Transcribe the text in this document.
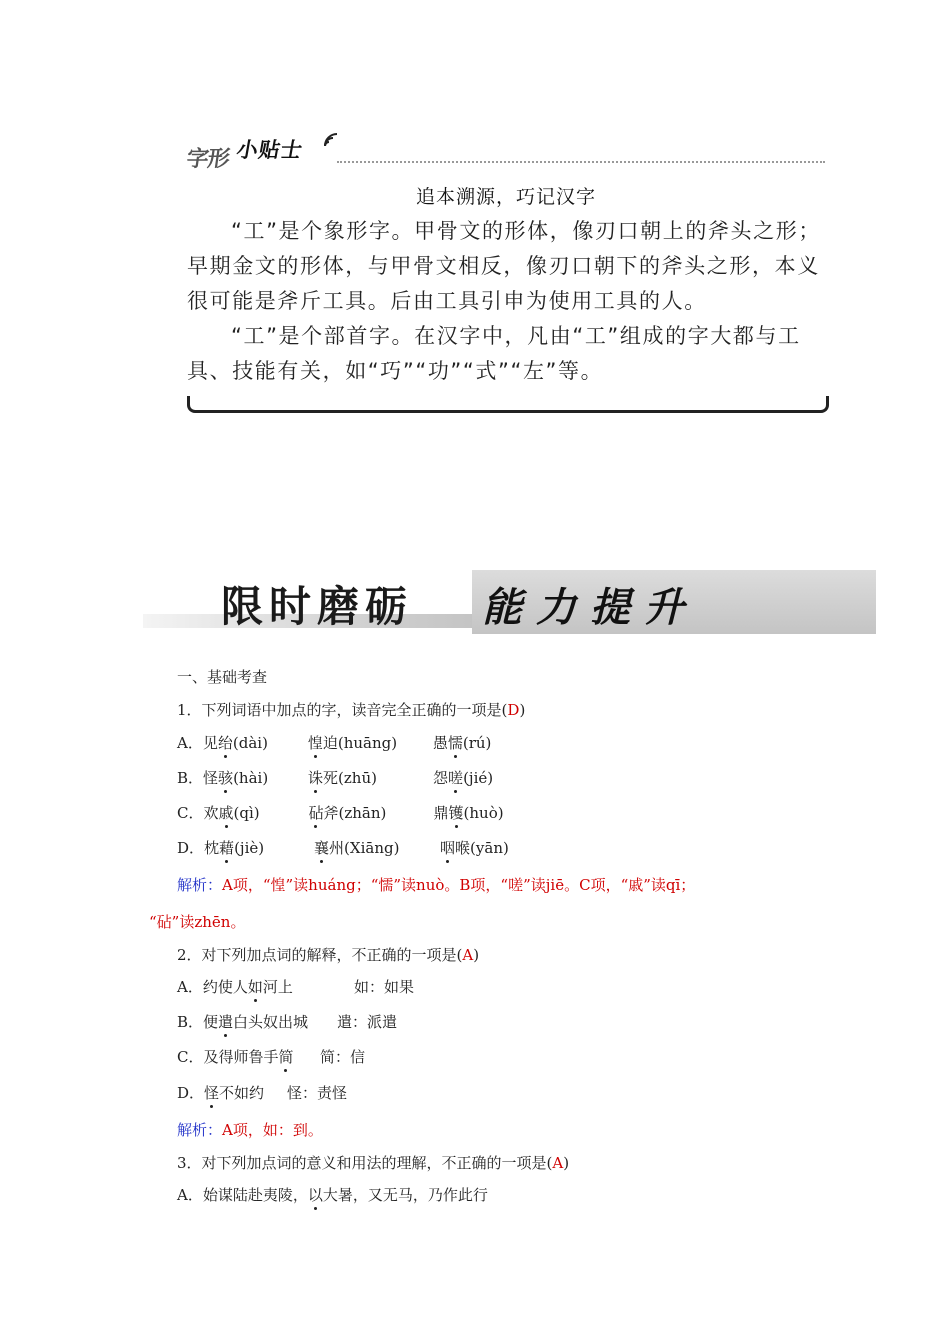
字形 小贴士
追本溯源，巧记汉字

“工”是个象形字。甲骨文的形体，像刃口朝上的斧头之形；早期金文的形体，与甲骨文相反，像刃口朝下的斧头之形，本义很可能是斧斤工具。后由工具引申为使用工具的人。

“工”是个部首字。在汉字中，凡由“工”组成的字大都与工具、技能有关，如“巧”“功”“式”“左”等。

限时磨砺 能力提升
一、基础考查
1．下列词语中加点的字，读音完全正确的一项是(D)
A．见绐(dài)	惶迫(huāng) 愚懦(rú)
B．怪骇(hài)	诛死(zhū)	怨嗟(jié)
C．欢戚(qì)	砧斧(zhān)	鼎镬(huò)
D．枕藉(jiè)	襄州(Xiāng)	咽喉(yān)
解析：A项，“惶”读huáng；“懦”读nuò。B项，“嗟”读jiē。C项，“戚”读qī；
“砧”读zhēn。
2．对下列加点词的解释，不正确的一项是(A)
A．约使人如河上	如：如果
B．便遣白头奴出城 遣：派遣
C．及得师鲁手简 简：信
D．怪不如约 怪：责怪
解析：A项，如：到。
3．对下列加点词的意义和用法的理解，不正确的一项是(A)
A．始谋陆赴夷陵，以大暑，又无马，乃作此行
